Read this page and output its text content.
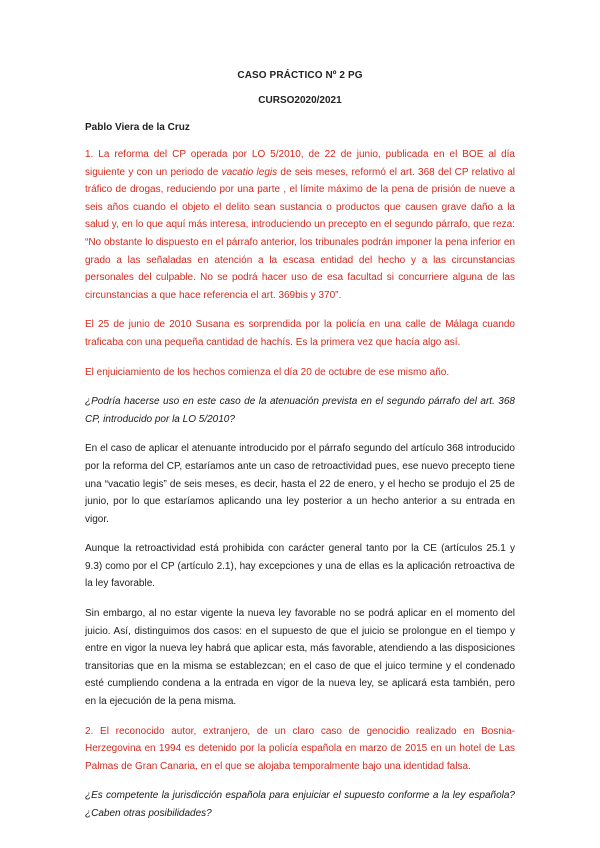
CASO PRÁCTICO Nº 2 PG
CURSO2020/2021
Pablo Viera de la Cruz

1. La reforma del CP operada por LO 5/2010, de 22 de junio, publicada en el BOE al día siguiente y con un periodo de vacatio legis de seis meses, reformó el art. 368 del CP relativo al tráfico de drogas, reduciendo por una parte , el límite máximo de la pena de prisión de nueve a seis años cuando el objeto el delito sean sustancia o productos que causen grave daño a la salud y, en lo que aquí más interesa, introduciendo un precepto en el segundo párrafo, que reza: “No obstante lo dispuesto en el párrafo anterior, los tribunales podrán imponer la pena inferior en grado a las señaladas en atención a la escasa entidad del hecho y a las circunstancias personales del culpable. No se podrá hacer uso de esa facultad si concurriere alguna de las circunstancias a que hace referencia el art. 369bis y 370”.

El 25 de junio de 2010 Susana es sorprendida por la policía en una calle de Málaga cuando traficaba con una pequeña cantidad de hachís. Es la primera vez que hacía algo así.

El enjuiciamiento de los hechos comienza el día 20 de octubre de ese mismo año.

¿Podría hacerse uso en este caso de la atenuación prevista en el segundo párrafo del art. 368 CP, introducido por la LO 5/2010?

En el caso de aplicar el atenuante introducido por el párrafo segundo del artículo 368 introducido por la reforma del CP, estaríamos ante un caso de retroactividad pues, ese nuevo precepto tiene una “vacatio legis” de seis meses, es decir, hasta el 22 de enero, y el hecho se produjo el 25 de junio, por lo que estaríamos aplicando una ley posterior a un hecho anterior a su entrada en vigor.

Aunque la retroactividad está prohibida con carácter general tanto por la CE (artículos 25.1 y 9.3) como por el CP (artículo 2.1), hay excepciones y una de ellas es la aplicación retroactiva de la ley favorable.

Sin embargo, al no estar vigente la nueva ley favorable no se podrá aplicar en el momento del juicio. Así, distinguimos dos casos: en el supuesto de que el juicio se prolongue en el tiempo y entre en vigor la nueva ley habrá que aplicar esta, más favorable, atendiendo a las disposiciones transitorias que en la misma se establezcan; en el caso de que el juico termine y el condenado esté cumpliendo condena a la entrada en vigor de la nueva ley, se aplicará esta también, pero en la ejecución de la pena misma.

2. El reconocido autor, extranjero, de un claro caso de genocidio realizado en Bosnia-Herzegovina en 1994 es detenido por la policía española en marzo de 2015 en un hotel de Las Palmas de Gran Canaria, en el que se alojaba temporalmente bajo una identidad falsa.

¿Es competente la jurisdicción española para enjuiciar el supuesto conforme a la ley española? ¿Caben otras posibilidades?
